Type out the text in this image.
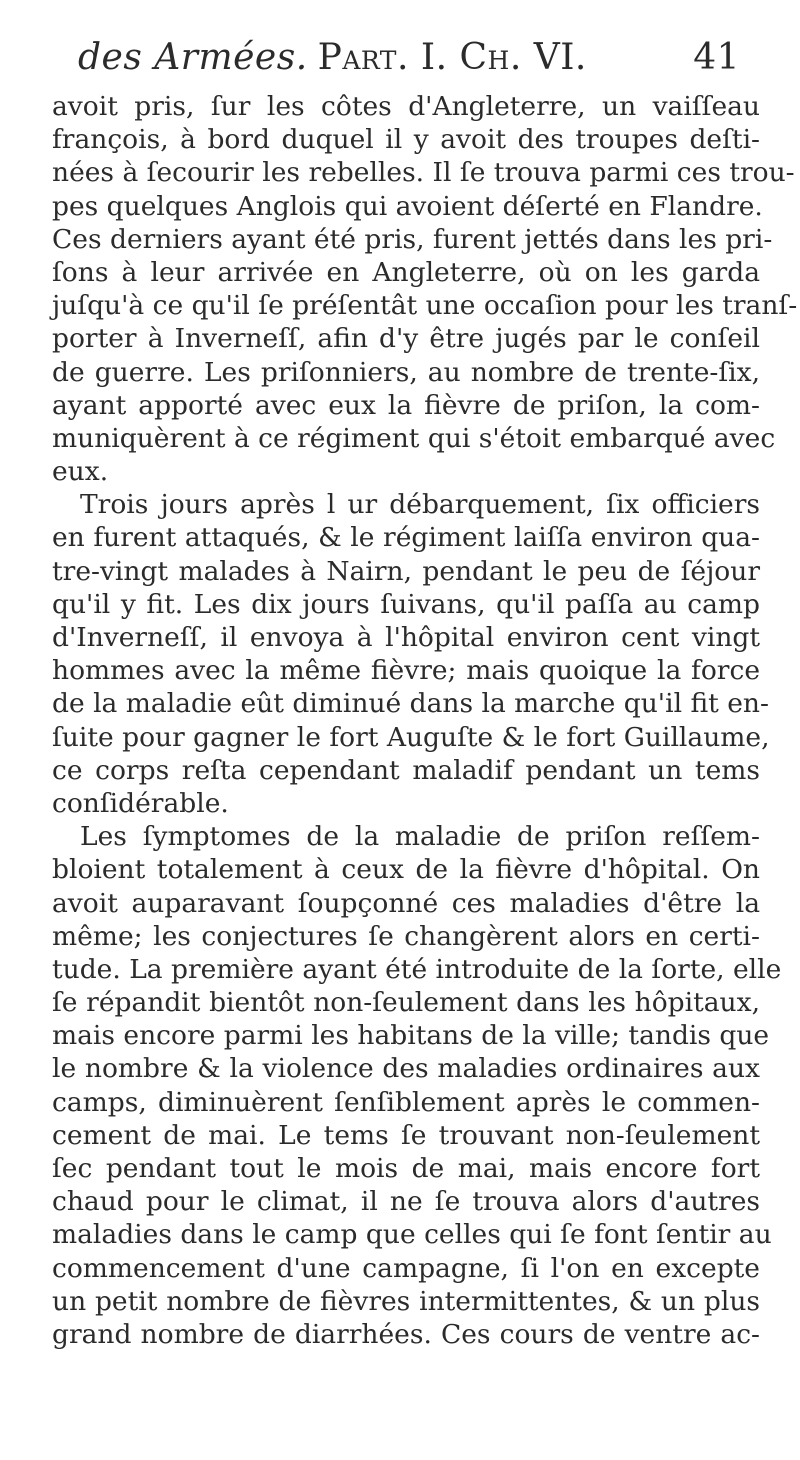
des Armées. Part. I. Ch. VI.	41
avoit pris, ſur les côtes d'Angleterre, un vaiſſeau
françois, à bord duquel il y avoit des troupes deſti-
nées à ſecourir les rebelles. Il ſe trouva parmi ces trou-
pes quelques Anglois qui avoient déſerté en Flandre.
Ces derniers ayant été pris, furent jettés dans les pri-
ſons à leur arrivée en Angleterre, où on les garda
juſqu'à ce qu'il ſe préſentât une occaſion pour les tranſ-
porter à Inverneſſ, afin d'y être jugés par le conſeil
de guerre. Les priſonniers, au nombre de trente-ſix,
ayant apporté avec eux la fièvre de priſon, la com-
muniquèrent à ce régiment qui s'étoit embarqué avec
eux.
Trois jours après l ur débarquement, ſix officiers
en furent attaqués, & le régiment laiſſa environ qua-
tre-vingt malades à Nairn, pendant le peu de ſéjour
qu'il y fit. Les dix jours ſuivans, qu'il paſſa au camp
d'Inverneſſ, il envoya à l'hôpital environ cent vingt
hommes avec la même fièvre; mais quoique la force
de la maladie eût diminué dans la marche qu'il fit en-
ſuite pour gagner le fort Auguſte & le fort Guillaume,
ce corps reſta cependant maladif pendant un tems
conſidérable.
Les ſymptomes de la maladie de priſon reſſem-
bloient totalement à ceux de la fièvre d'hôpital. On
avoit auparavant ſoupçonné ces maladies d'être la
même; les conjectures ſe changèrent alors en certi-
tude. La première ayant été introduite de la ſorte, elle
ſe répandit bientôt non-ſeulement dans les hôpitaux,
mais encore parmi les habitans de la ville; tandis que
le nombre & la violence des maladies ordinaires aux
camps, diminuèrent ſenſiblement après le commen-
cement de mai. Le tems ſe trouvant non-ſeulement
ſec pendant tout le mois de mai, mais encore fort
chaud pour le climat, il ne ſe trouva alors d'autres
maladies dans le camp que celles qui ſe font ſentir au
commencement d'une campagne, ſi l'on en excepte
un petit nombre de fièvres intermittentes, & un plus
grand nombre de diarrhées. Ces cours de ventre ac-
